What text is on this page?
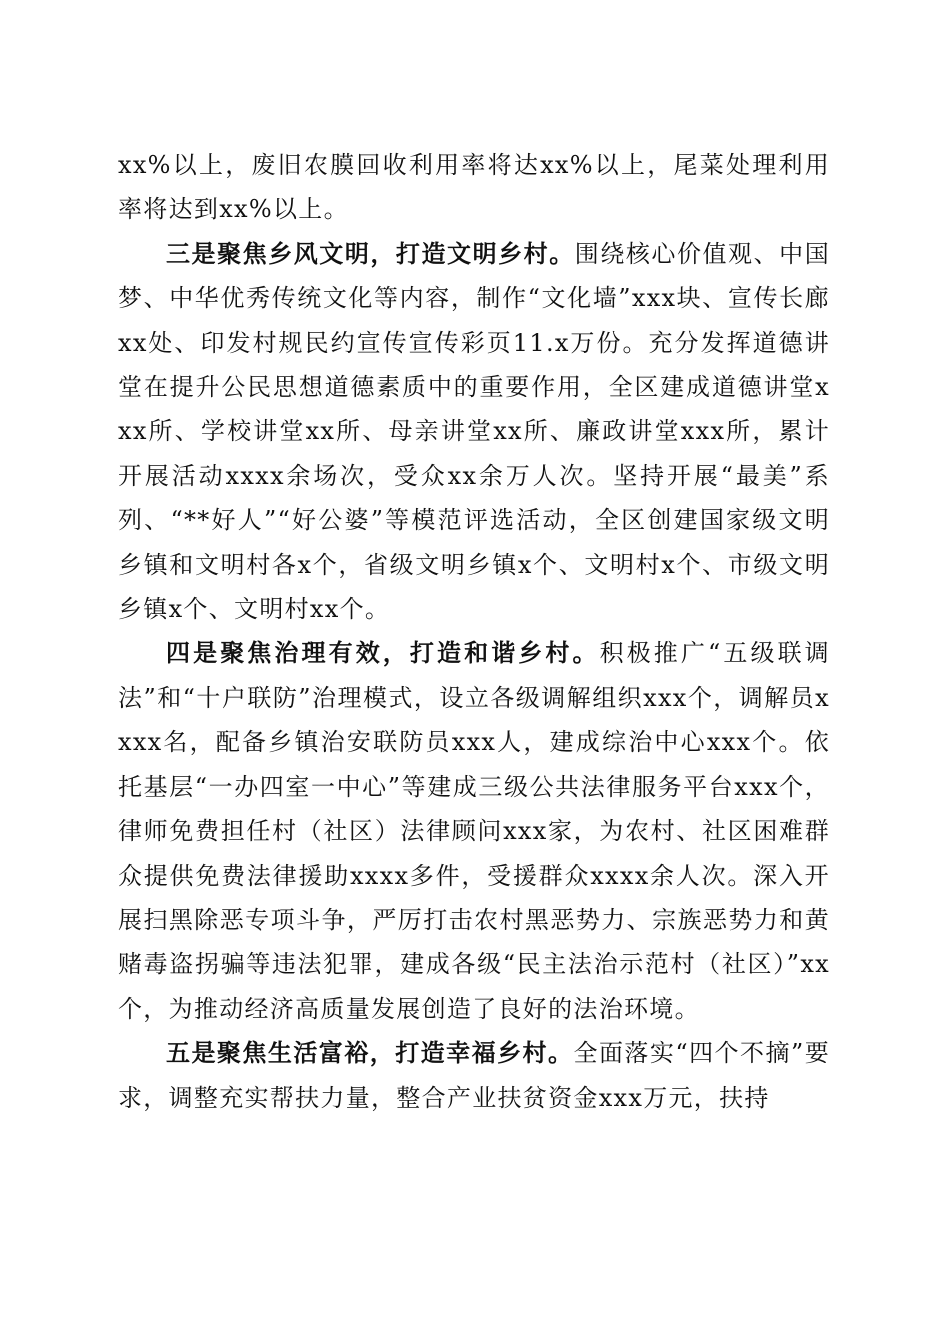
xx%以上，废旧农膜回收利用率将达xx%以上，尾菜处理利用率将达到xx%以上。

三是聚焦乡风文明，打造文明乡村。围绕核心价值观、中国梦、中华优秀传统文化等内容，制作“文化墙”xxx块、宣传长廊xx处、印发村规民约宣传宣传彩页11.x万份。充分发挥道德讲堂在提升公民思想道德素质中的重要作用，全区建成道德讲堂xxx所、学校讲堂xx所、母亲讲堂xx所、廉政讲堂xxx所，累计开展活动xxxx余场次，受众xx余万人次。坚持开展“最美”系列、“**好人”“好公婆”等模范评选活动，全区创建国家级文明乡镇和文明村各x个，省级文明乡镇x个、文明村x个、市级文明乡镇x个、文明村xx个。

四是聚焦治理有效，打造和谐乡村。积极推广“五级联调法”和“十户联防”治理模式，设立各级调解组织xxx个，调解员xxxx名，配备乡镇治安联防员xxx人，建成综治中心xxx个。依托基层“一办四室一中心”等建成三级公共法律服务平台xxx个，律师免费担任村（社区）法律顾问xxx家，为农村、社区困难群众提供免费法律援助xxxx多件，受援群众xxxx余人次。深入开展扫黑除恶专项斗争，严厉打击农村黑恶势力、宗族恶势力和黄赌毒盗拐骗等违法犯罪，建成各级“民主法治示范村（社区）”xx个，为推动经济高质量发展创造了良好的法治环境。

五是聚焦生活富裕，打造幸福乡村。全面落实“四个不摘”要求，调整充实帮扶力量，整合产业扶贫资金xxx万元，扶持
